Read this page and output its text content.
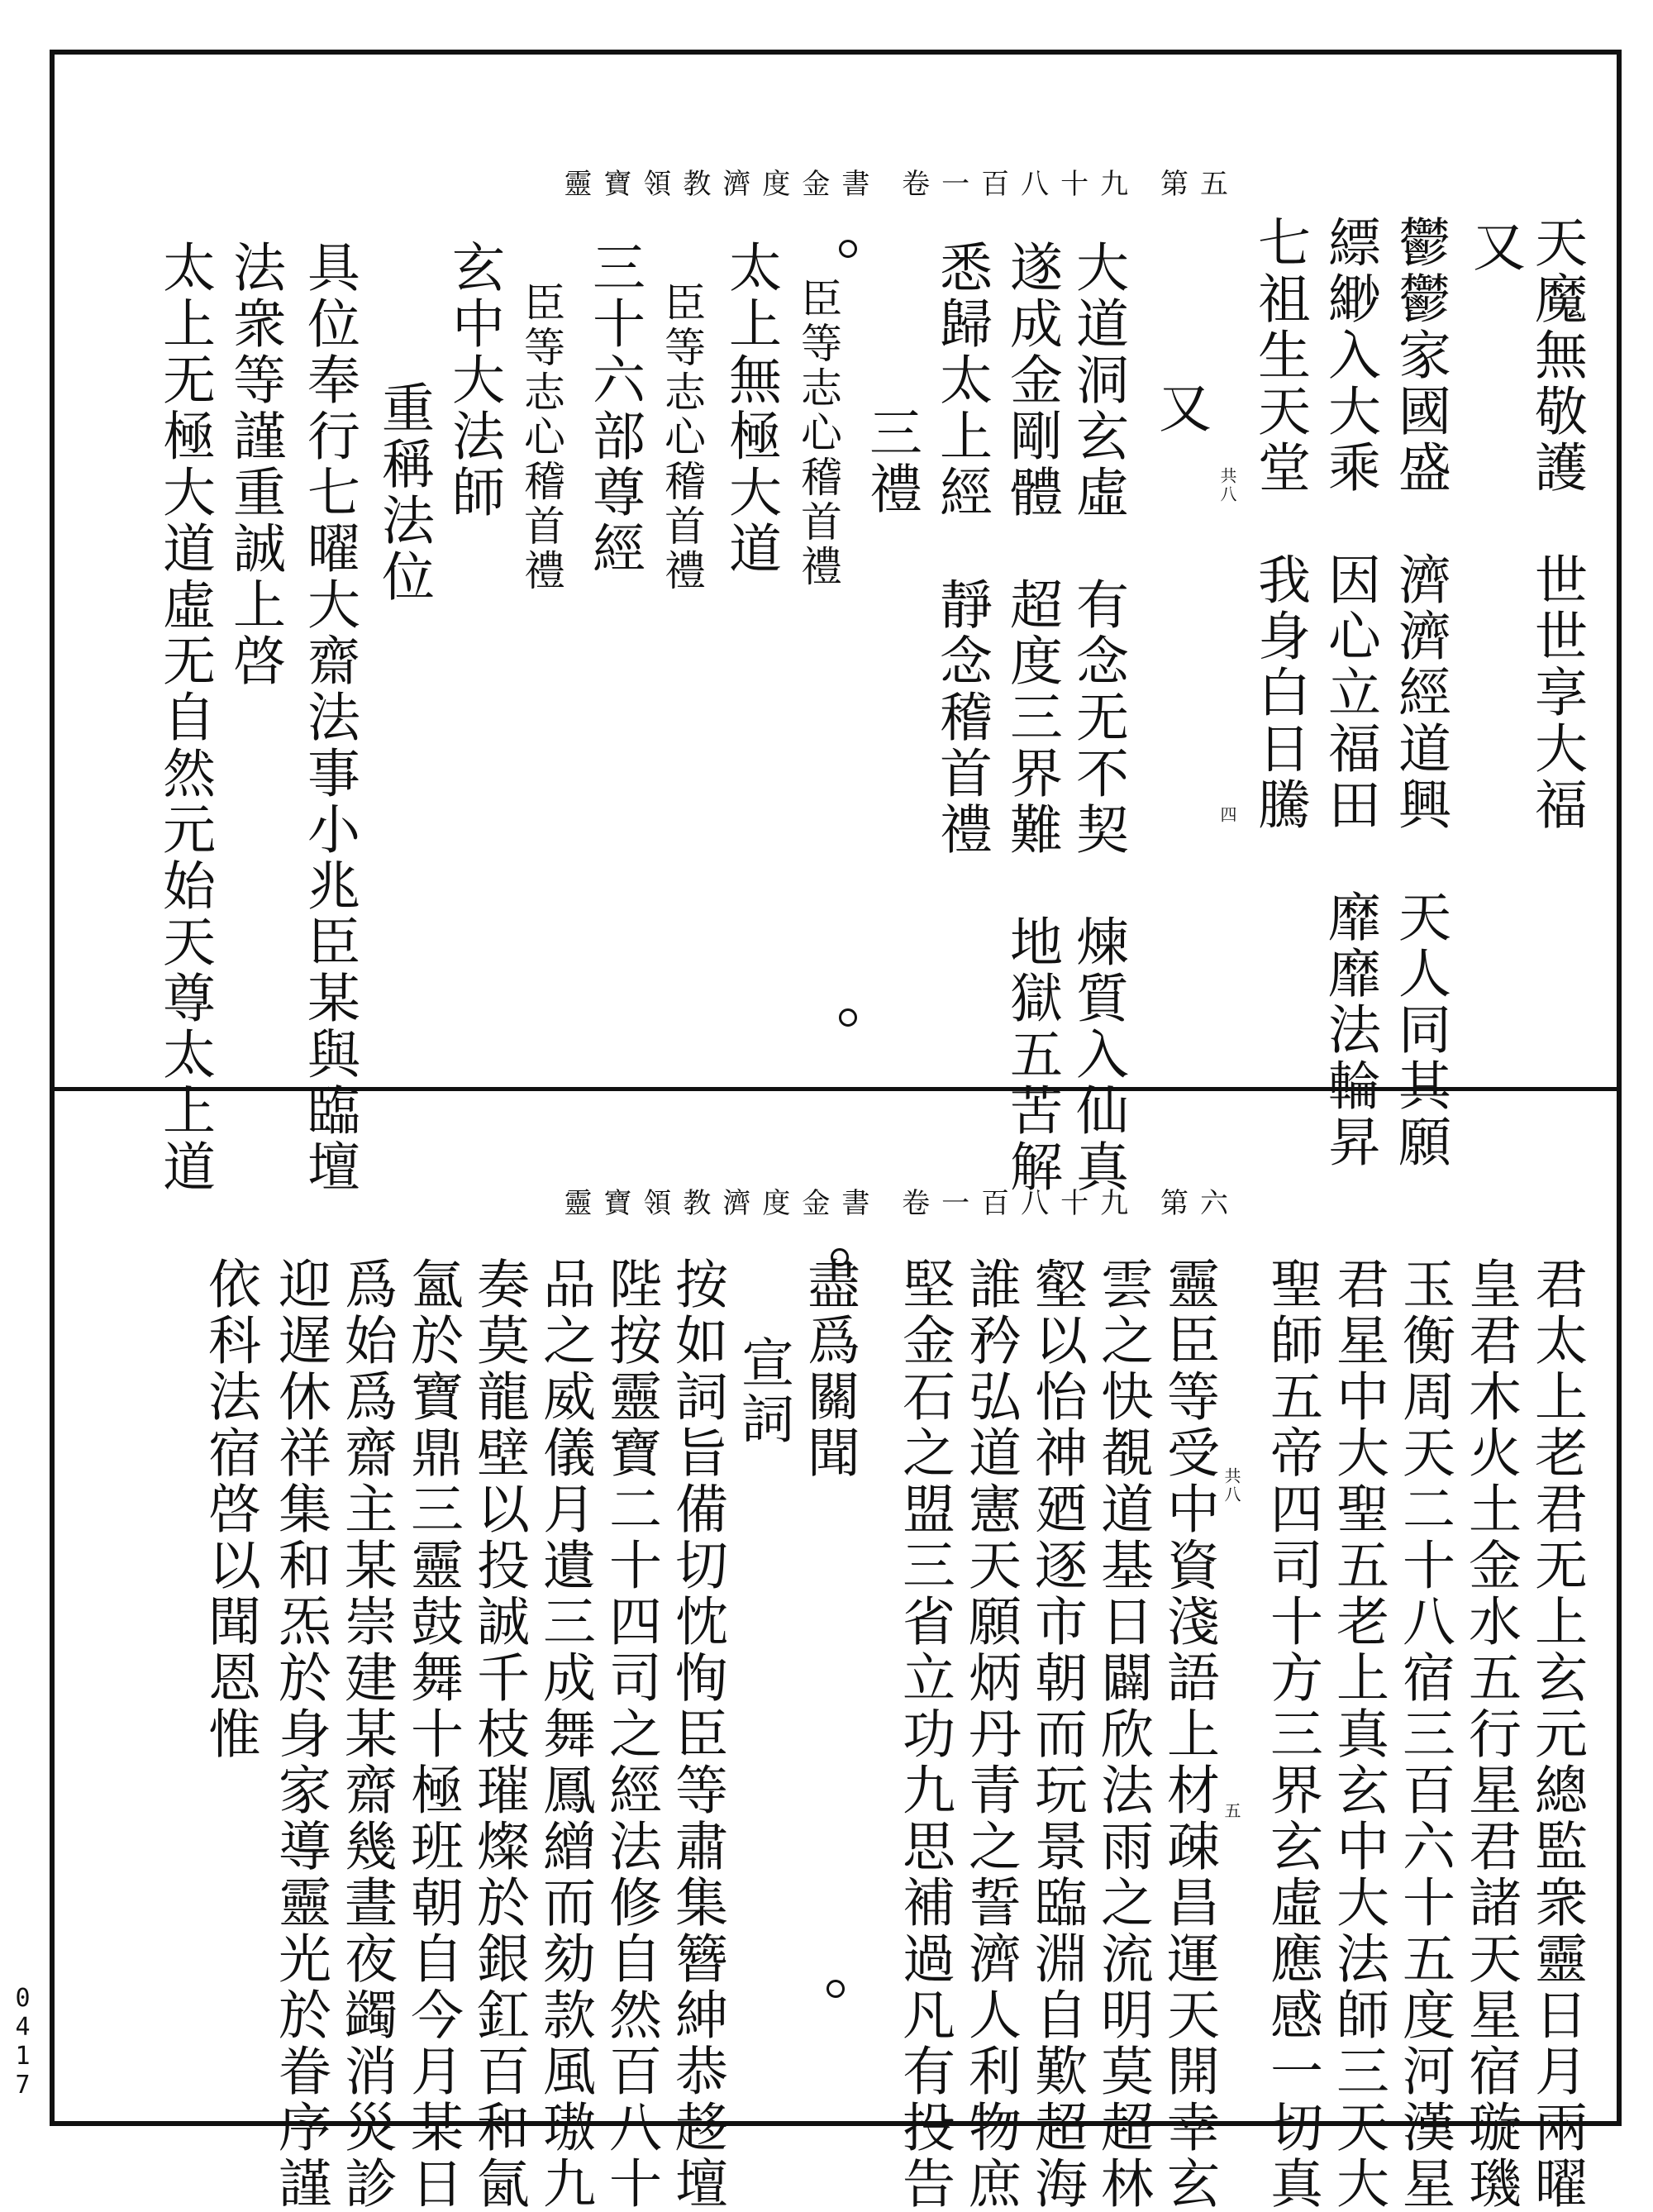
靈寶領教濟度金書 卷一百八十九 第五
天魔無敬護　世世享大福
又
鬱鬱家國盛　濟濟經道興　天人同其願
縹緲入大乘　因心立福田　靡靡法輪昇
七祖生天堂　我身白日騰
共八
四
又
大道洞玄虛　有念无不契　煉質入仙真
遂成金剛體　超度三界難　地獄五苦解
悉歸太上經　靜念稽首禮
三禮
臣等志心稽首禮
太上無極大道
臣等志心稽首禮
三十六部尊經
臣等志心稽首禮
玄中大法師
重稱法位
具位奉行七曜大齋法事小兆臣某與臨壇
法衆等謹重誠上啓
太上无極大道虛无自然元始天尊太上道
靈寶領教濟度金書 卷一百八十九 第六
君太上老君无上玄元總監衆靈日月兩曜
皇君木火土金水五行星君諸天星宿璇璣
玉衡周天二十八宿三百六十五度河漢星
君星中大聖五老上真玄中大法師三天大
聖師五帝四司十方三界玄虛應感一切真
共八
五
靈臣等受中資淺語上材疎昌運天開幸玄
雲之快覩道基日闢欣法雨之流明莫超林
壑以怡神廼逐市朝而玩景臨淵自歎超海
誰矜弘道憲天願炳丹青之誓濟人利物庶
堅金石之盟三省立功九思補過凡有投告
盡爲關聞
宣詞
按如詞旨備切忱恂臣等肅集簪紳恭趍壇
陛按靈寶二十四司之經法修自然百八十
品之威儀月遺三成舞鳳繒而劾款風璈九
奏莫龍壁以投誠千枝璀燦於銀釭百和氤
氳於寶鼎三靈鼓舞十極班朝自今月某日
爲始爲齋主某崇建某齋幾晝夜蠲消災診
迎遅休祥集和炁於身家導靈光於眷序謹
依科法宿啓以聞恩惟
0417
